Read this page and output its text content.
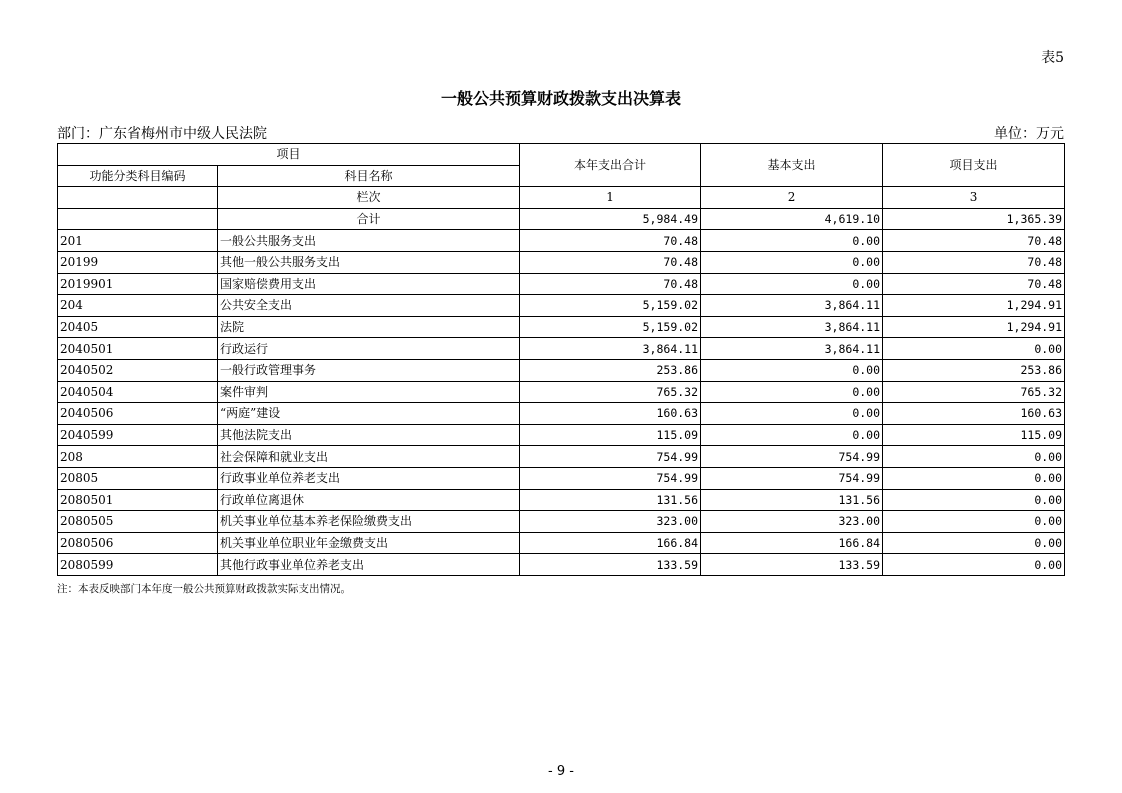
表5
一般公共预算财政拨款支出决算表
部门：广东省梅州市中级人民法院	单位：万元
项目		本年支出合计	基本支出	项目支出
功能分类科目编码	科目名称			
	栏次	1	2	3
	合计	5,984.49	4,619.10	1,365.39
201	一般公共服务支出	70.48	0.00	70.48
20199	其他一般公共服务支出	70.48	0.00	70.48
2019901	国家赔偿费用支出	70.48	0.00	70.48
204	公共安全支出	5,159.02	3,864.11	1,294.91
20405	法院	5,159.02	3,864.11	1,294.91
2040501	行政运行	3,864.11	3,864.11	0.00
2040502	一般行政管理事务	253.86	0.00	253.86
2040504	案件审判	765.32	0.00	765.32
2040506	“两庭”建设	160.63	0.00	160.63
2040599	其他法院支出	115.09	0.00	115.09
208	社会保障和就业支出	754.99	754.99	0.00
20805	行政事业单位养老支出	754.99	754.99	0.00
2080501	行政单位离退休	131.56	131.56	0.00
2080505	机关事业单位基本养老保险缴费支出	323.00	323.00	0.00
2080506	机关事业单位职业年金缴费支出	166.84	166.84	0.00
2080599	其他行政事业单位养老支出	133.59	133.59	0.00
注：本表反映部门本年度一般公共预算财政拨款实际支出情况。
- 9 -
